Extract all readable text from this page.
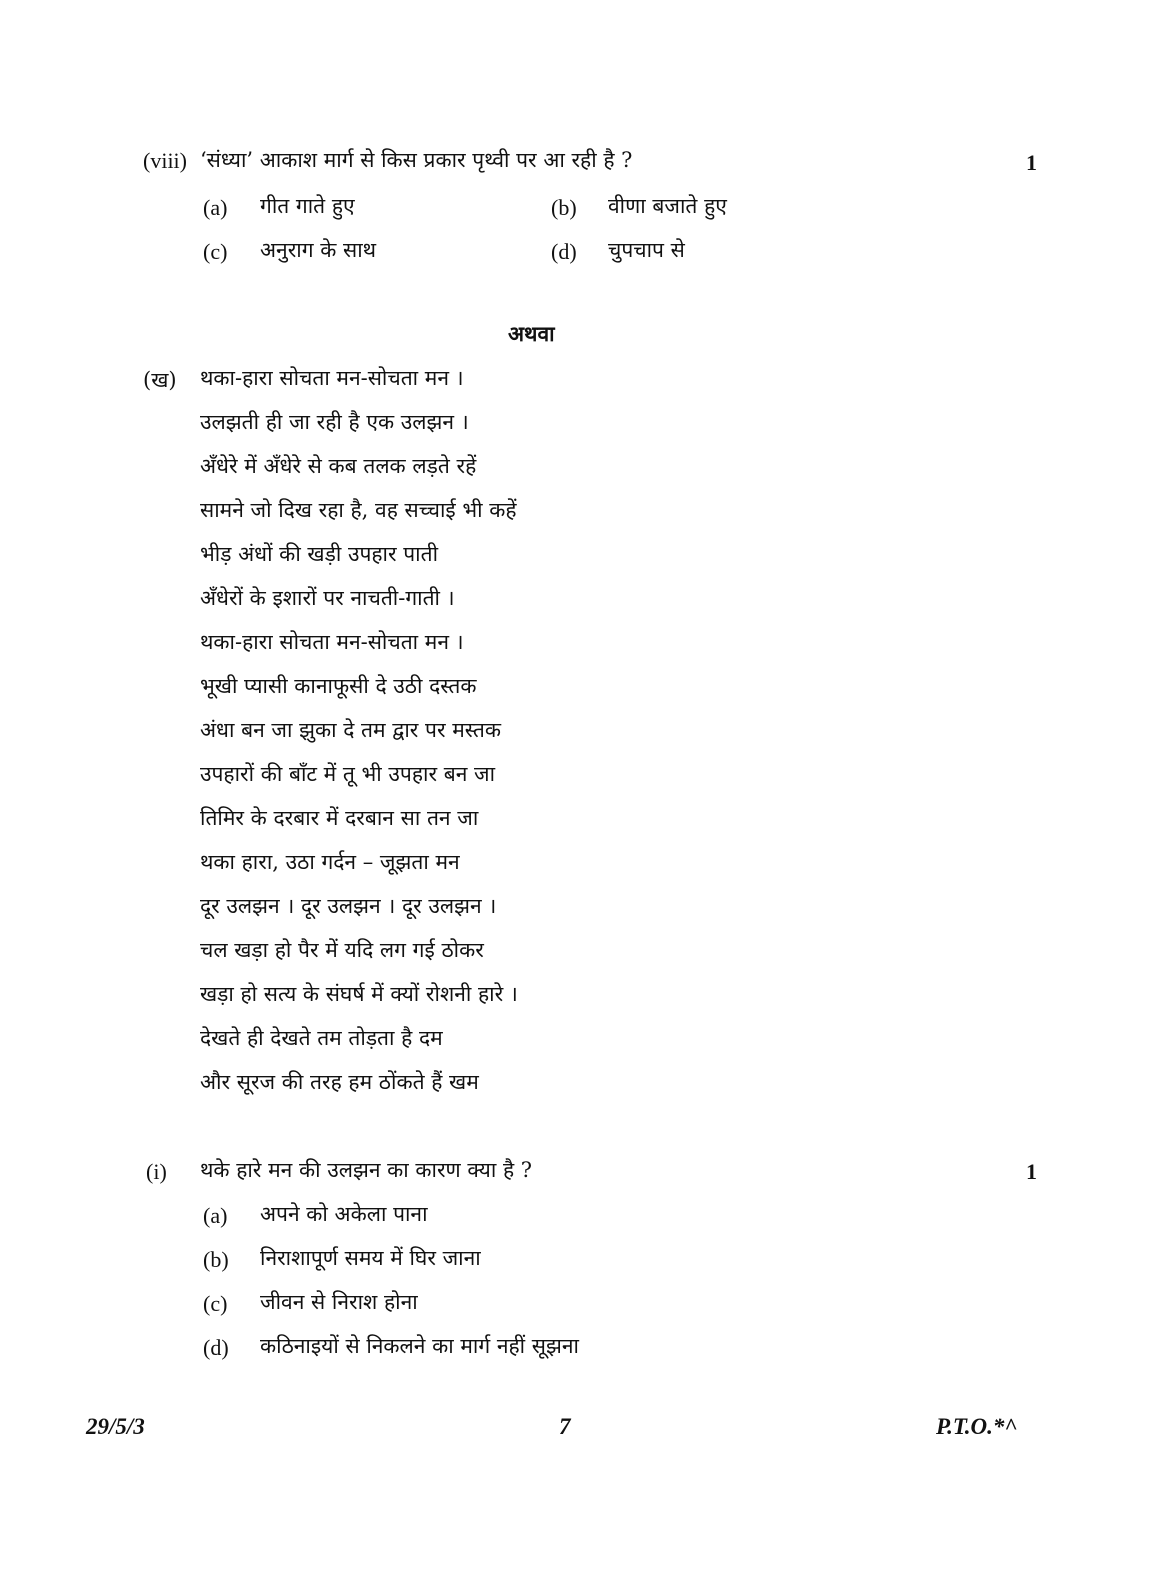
(viii) ‘संध्या’ आकाश मार्ग से किस प्रकार पृथ्वी पर आ रही है ?	1
(a) गीत गाते हुए	(b) वीणा बजाते हुए
(c) अनुराग के साथ	(d) चुपचाप से
अथवा
(ख) थका-हारा सोचता मन-सोचता मन ।
उलझती ही जा रही है एक उलझन ।
अँधेरे में अँधेरे से कब तलक लड़ते रहें
सामने जो दिख रहा है, वह सच्चाई भी कहें
भीड़ अंधों की खड़ी उपहार पाती
अँधेरों के इशारों पर नाचती-गाती ।
थका-हारा सोचता मन-सोचता मन ।
भूखी प्यासी कानाफूसी दे उठी दस्तक
अंधा बन जा झुका दे तम द्वार पर मस्तक
उपहारों की बाँट में तू भी उपहार बन जा
तिमिर के दरबार में दरबान सा तन जा
थका हारा, उठा गर्दन – जूझता मन
दूर उलझन । दूर उलझन । दूर उलझन ।
चल खड़ा हो पैर में यदि लग गई ठोकर
खड़ा हो सत्य के संघर्ष में क्यों रोशनी हारे ।
देखते ही देखते तम तोड़ता है दम
और सूरज की तरह हम ठोंकते हैं खम
(i) थके हारे मन की उलझन का कारण क्या है ?	1
(a) अपने को अकेला पाना
(b) निराशापूर्ण समय में घिर जाना
(c) जीवन से निराश होना
(d) कठिनाइयों से निकलने का मार्ग नहीं सूझना
29/5/3	7	P.T.O.*^
